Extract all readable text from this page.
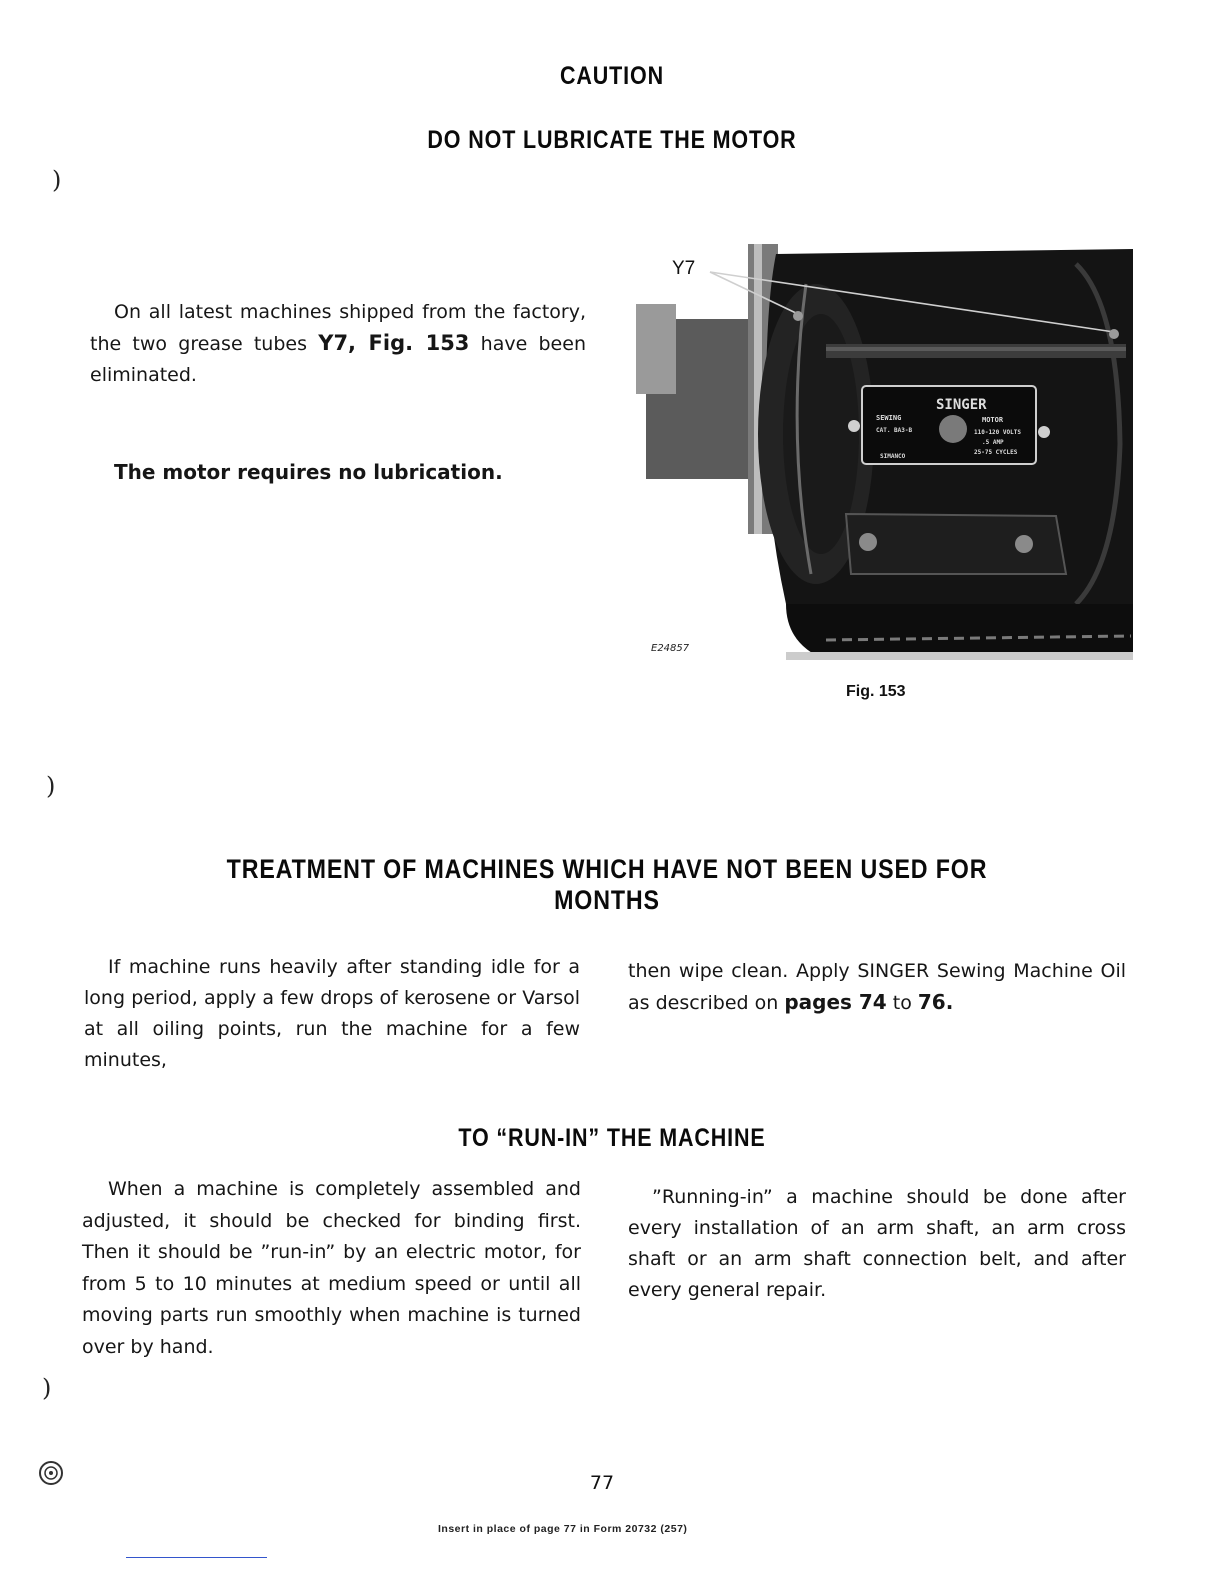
)
)
)
CAUTION
DO NOT LUBRICATE THE MOTOR
On all latest machines shipped from the factory, the two grease tubes Y7, Fig. 153 have been eliminated.
The motor requires no lubrication.
Y7
SINGER
SEWING	MOTOR
CAT. BA3-B	110-120 VOLTS
.5 AMP
25-75 CYCLES
SIMANCO
E24857
Fig. 153
TREATMENT OF MACHINES WHICH HAVE NOT BEEN USED FOR MONTHS
If machine runs heavily after standing idle for a long period, apply a few drops of kerosene or Varsol at all oiling points, run the machine for a few minutes,
then wipe clean. Apply SINGER Sewing Machine Oil as described on pages 74 to 76.
TO “RUN-IN” THE MACHINE
When a machine is completely assembled and adjusted, it should be checked for binding first. Then it should be ”run-in” by an electric motor, for from 5 to 10 minutes at medium speed or until all moving parts run smoothly when machine is turned over by hand.
”Running-in” a machine should be done after every installation of an arm shaft, an arm cross shaft or an arm shaft connection belt, and after every general repair.
77
Insert in place of page 77 in Form 20732 (257)
